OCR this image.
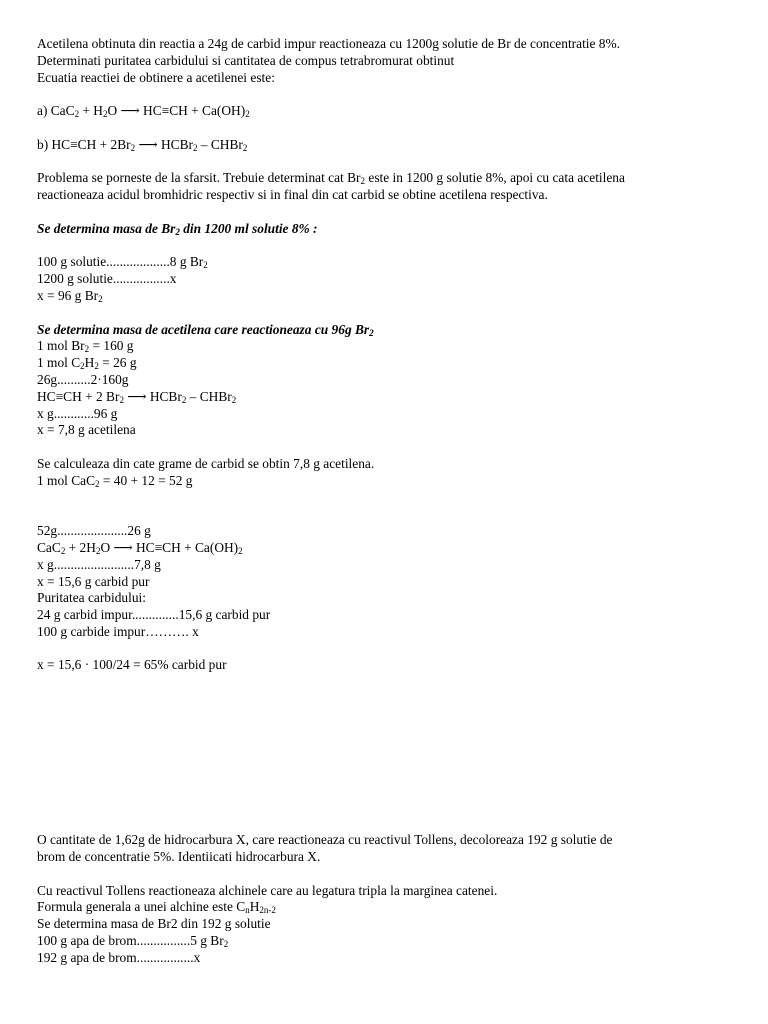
Acetilena obtinuta din reactia a 24g de carbid impur reactioneaza cu 1200g solutie de Br de concentratie 8%.
Determinati puritatea carbidului si cantitatea de compus tetrabromurat obtinut
Ecuatia reactiei de obtinere a acetilenei este:
a) $CaC_2 + H_2O$ ⟶ $HC\equiv CH + Ca(OH)_2$
b) $HC\equiv CH + 2Br_2$ ⟶ HCBr$_2$ – CHBr$_2$
Problema se porneste de la sfarsit. Trebuie determinat cat $Br_2$ este in 1200 g solutie 8%, apoi cu cata acetilena
reactioneaza acidul bromhidric respectiv si in final din cat carbid se obtine acetilena respectiva.
Se determina masa de $Br_2$ din 1200 ml solutie 8% :
100 g solutie...................8 g $Br_2$
1200 g solutie.................x
x = 96 g $Br_2$
Se determina masa de acetilena care reactioneaza cu 96g $Br_2$
1 mol $Br_2 = 160$ g
1 mol $C_2H_2 = 26$ g
26g..........2·160g
HC≡CH + 2 $Br_2$ ⟶ HCBr$_2$ – CHBr$_2$
x g............96 g
x = 7,8 g acetilena
Se calculeaza din cate grame de carbid se obtin 7,8 g acetilena.
1 mol CaC$_2$ = 40 + 12 = 52 g
52g.....................26 g
$CaC_2 + 2H_2O$ ⟶ $HC\equiv CH + Ca(OH)_2$
x g........................7,8 g
x = 15,6 g carbid pur
Puritatea carbidului:
24 g carbid impur..............15,6 g carbid pur
100 g carbide impur………. x
x = 15,6 · 100/24 = 65% carbid pur
O cantitate de 1,62g de hidrocarbura X, care reactioneaza cu reactivul Tollens, decoloreaza 192 g solutie de
brom de concentratie 5%. Identiicati hidrocarbura X.
Cu reactivul Tollens reactioneaza alchinele care au legatura tripla la marginea catenei.
Formula generala a unei alchine este $C_nH_{2n-2}$
Se determina masa de Br2 din 192 g solutie
100 g apa de brom................5 g $Br_2$
192 g apa de brom.................x
